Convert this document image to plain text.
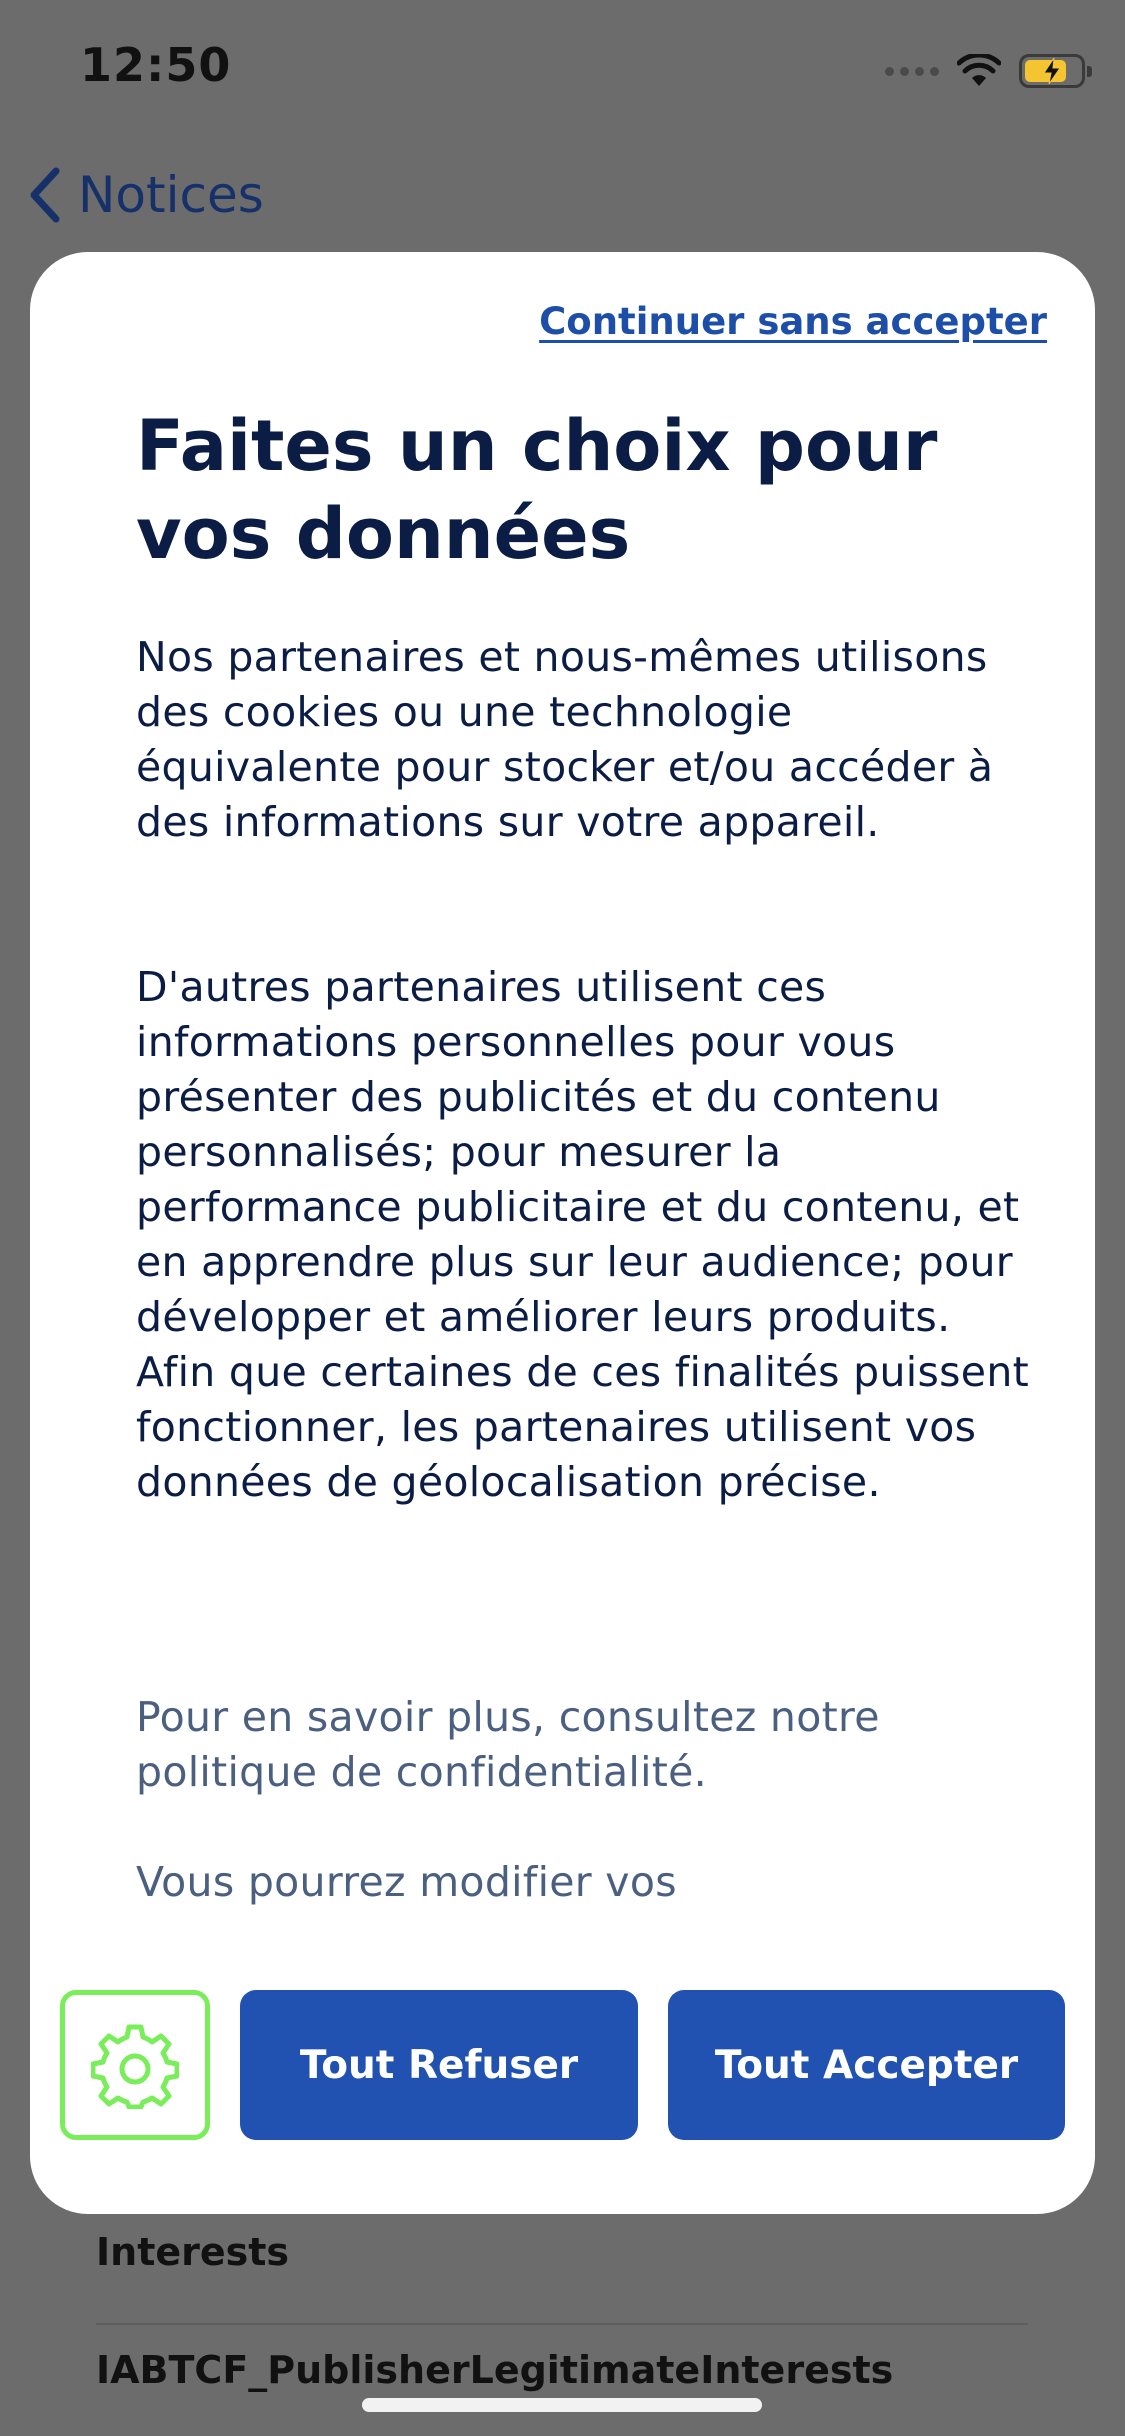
12:50
Notices
Interests
IABTCF_PublisherLegitimateInterests
Continuer sans accepter
Faites un choix pour vos données

Nos partenaires et nous-mêmes utilisons des cookies ou une technologie équivalente pour stocker et/ou accéder à des informations sur votre appareil.

D'autres partenaires utilisent ces informations personnelles pour vous présenter des publicités et du contenu personnalisés; pour mesurer la performance publicitaire et du contenu, et en apprendre plus sur leur audience; pour développer et améliorer leurs produits. Afin que certaines de ces finalités puissent fonctionner, les partenaires utilisent vos données de géolocalisation précise.

Pour en savoir plus, consultez notre politique de confidentialité.

Vous pourrez modifier vos

Tout Refuser	Tout Accepter
